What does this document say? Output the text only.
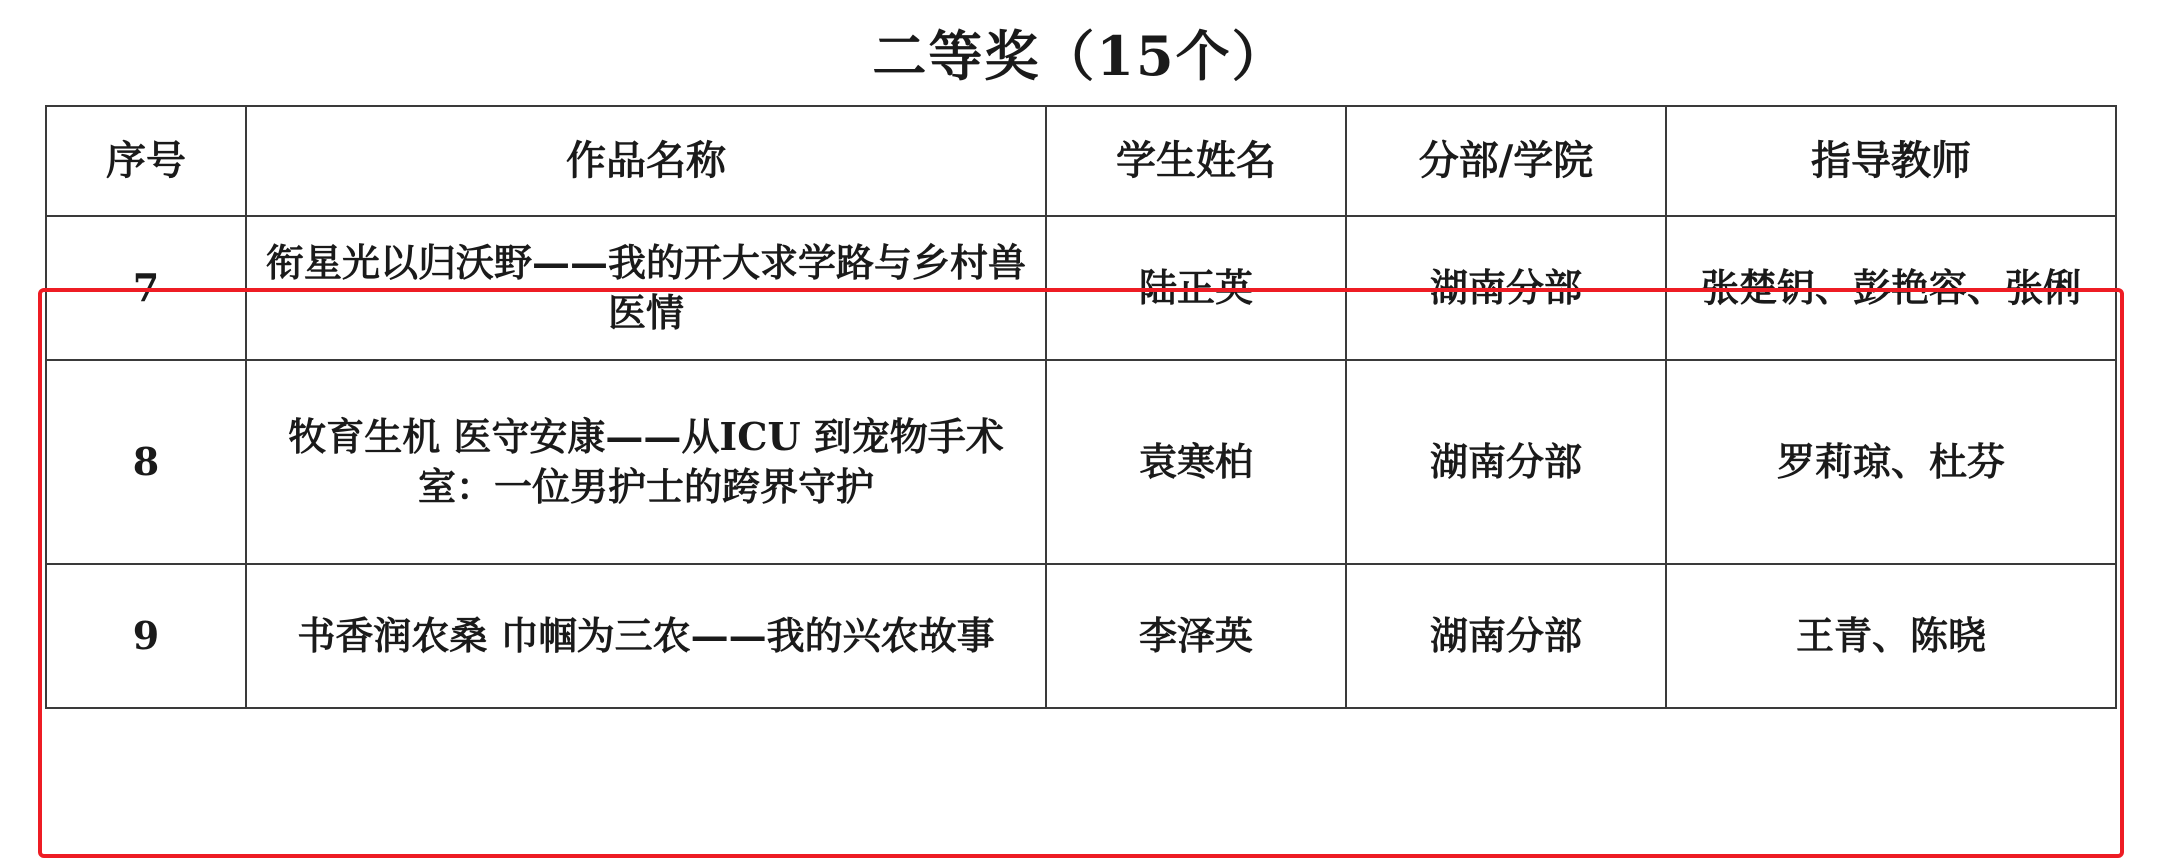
二等奖（15个）
序号	作品名称	学生姓名	分部/学院	指导教师
7	衔星光以归沃野——我的开大求学路与乡村兽医情	陆正英	湖南分部	张楚钥、彭艳容、张俐
8	牧育生机 医守安康——从ICU 到宠物手术室：一位男护士的跨界守护	袁寒柏	湖南分部	罗莉琼、杜芬
9	书香润农桑 巾帼为三农——我的兴农故事	李泽英	湖南分部	王青、陈晓
